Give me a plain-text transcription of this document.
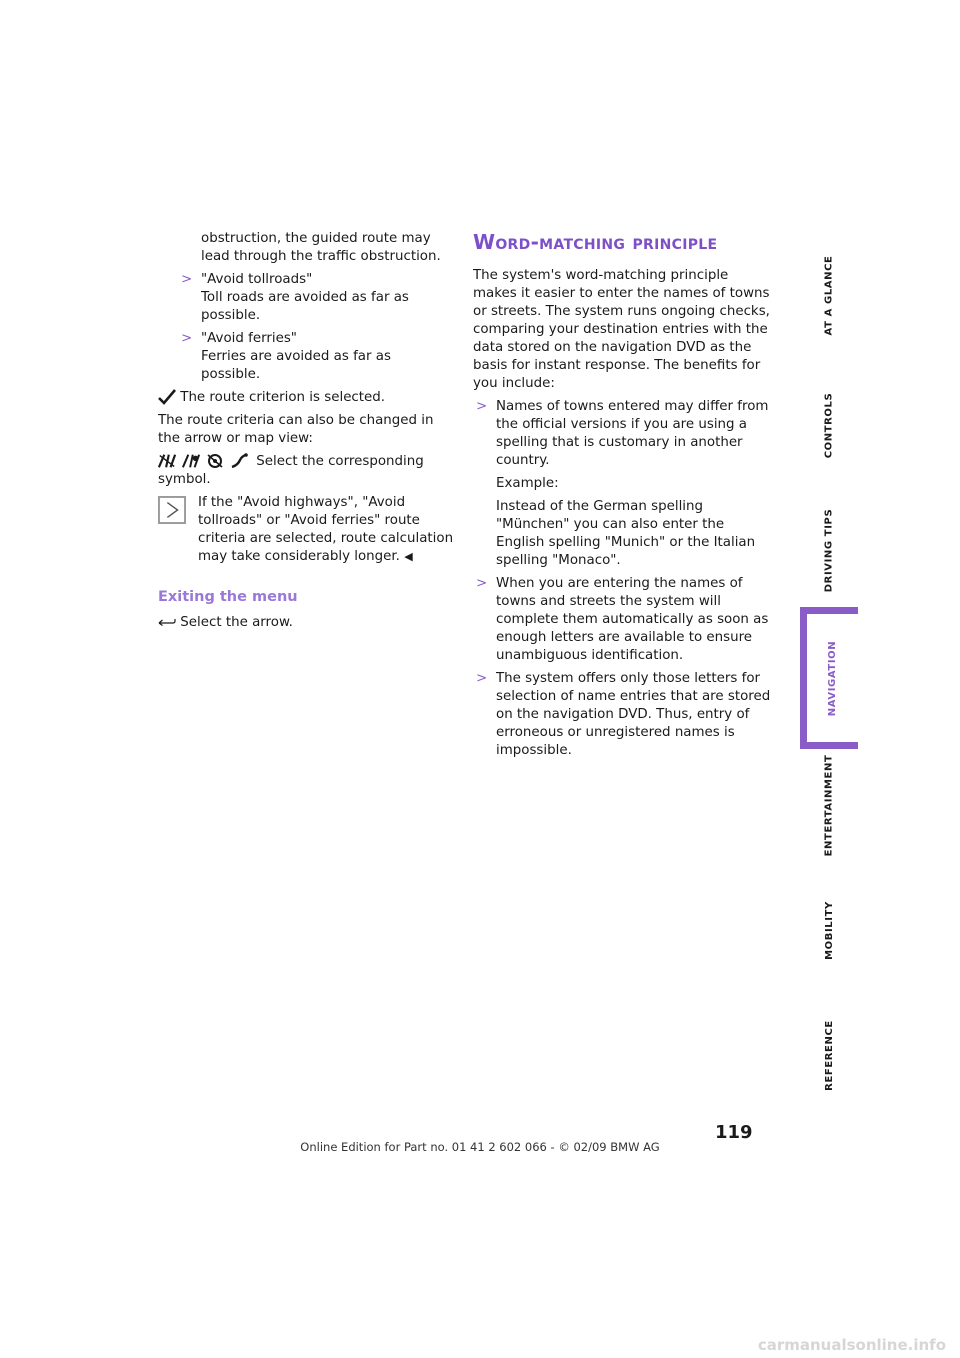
obstruction, the guided route may lead through the traffic obstruction.

> "Avoid tollroads"
Toll roads are avoided as far as possible.
> "Avoid ferries"
Ferries are avoided as far as possible.

The route criterion is selected.

The route criteria can also be changed in the arrow or map view:

Select the corresponding symbol.

If the "Avoid highways", "Avoid tollroads" or "Avoid ferries" route criteria are selected, route calculation may take considerably longer. ◀

Exiting the menu

Select the arrow.

Word-matching principle

The system's word-matching principle makes it easier to enter the names of towns or streets. The system runs ongoing checks, comparing your destination entries with the data stored on the navigation DVD as the basis for instant response. The benefits for you include:

> Names of towns entered may differ from the official versions if you are using a spelling that is customary in another country.

Example:

Instead of the German spelling "München" you can also enter the English spelling "Munich" or the Italian spelling "Monaco".

> When you are entering the names of towns and streets the system will complete them automatically as soon as enough letters are available to ensure unambiguous identification.

> The system offers only those letters for selection of name entries that are stored on the navigation DVD. Thus, entry of erroneous or unregistered names is impossible.

AT A GLANCE
CONTROLS
DRIVING TIPS
NAVIGATION
ENTERTAINMENT
MOBILITY
REFERENCE
119
Online Edition for Part no. 01 41 2 602 066 - © 02/09 BMW AG
carmanualsonline.info
